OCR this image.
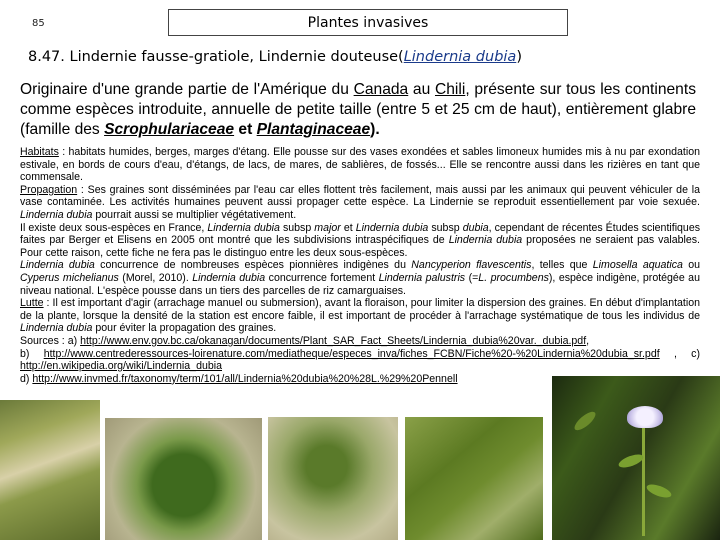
85	Plantes invasives
8.47. Lindernie fausse-gratiole, Lindernie douteuse(Lindernia dubia)
Originaire d'une grande partie de l'Amérique du Canada au Chili, présente sur tous les continents comme espèces introduite, annuelle de petite taille (entre 5 et 25 cm de haut), entièrement glabre (famille des Scrophulariaceae et Plantaginaceae).

Habitats : habitats humides, berges, marges d'étang. Elle pousse sur des vases exondées et sables limoneux humides mis à nu par exondation estivale, en bords de cours d'eau, d'étangs, de lacs, de mares, de sablières, de fossés... Elle se rencontre aussi dans les rizières en tant que commensale.

Propagation : Ses graines sont disséminées par l'eau car elles flottent très facilement, mais aussi par les animaux qui peuvent véhiculer de la vase contaminée. Les activités humaines peuvent aussi propager cette espèce. La Lindernie se reproduit essentiellement par voie sexuée. Lindernia dubia pourrait aussi se multiplier végétativement.

Il existe deux sous-espèces en France, Lindernia dubia subsp major et Lindernia dubia subsp dubia, cependant de récentes Études scientifiques faites par Berger et Elisens en 2005 ont montré que les subdivisions intraspécifiques de Lindernia dubia proposées ne seraient pas valables. Pour cette raison, cette fiche ne fera pas le distinguo entre les deux sous-espèces.

Lindernia dubia concurrence de nombreuses espèces pionnières indigènes du Nancyperion flavescentis, telles que Limosella aquatica ou Cyperus michelianus (Morel, 2010). Lindernia dubia concurrence fortement Lindernia palustris (=L. procumbens), espèce indigène, protégée au niveau national. L'espèce pousse dans un tiers des parcelles de riz camarguaises.

Lutte : Il est important d'agir (arrachage manuel ou submersion), avant la floraison, pour limiter la dispersion des graines. En début d'implantation de la plante, lorsque la densité de la station est encore faible, il est important de procéder à l'arrachage systématique de tous les individus de Lindernia dubia pour éviter la propagation des graines.

Sources : a) http://www.env.gov.bc.ca/okanagan/documents/Plant_SAR_Fact_Sheets/Lindernia_dubia%20var._dubia.pdf,
b) http://www.centrederessources-loirenature.com/mediatheque/especes_inva/fiches_FCBN/Fiche%20-%20Lindernia%20dubia_sr.pdf , c) http://en.wikipedia.org/wiki/Lindernia_dubia
d) http://www.invmed.fr/taxonomy/term/101/all/Lindernia%20dubia%20%28L.%29%20Pennell
